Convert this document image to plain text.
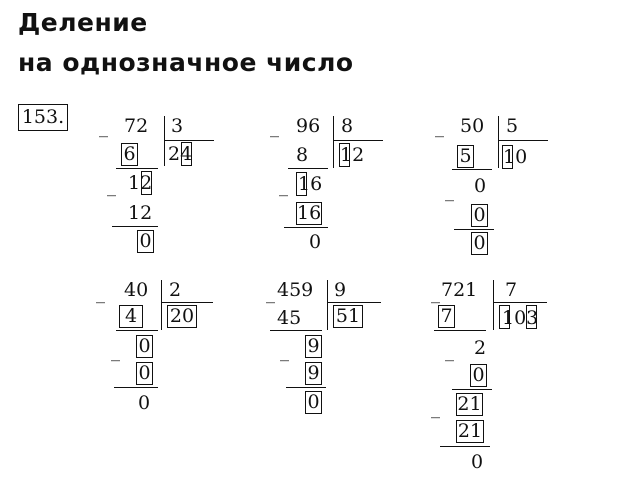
Деление
на однозначное число
153. _ 72 3
6 24
_ 12
12
0
_ 96 8
8 12
_ 16
16
0
_ 50 5
5 10
_ 0
0
0
_ 40 2
4	20
_ 0
0
0
_ 459 9
45 51
_ 9
9
0
_ 721 7
7	103
_ 2
0
_ 21
21
0
